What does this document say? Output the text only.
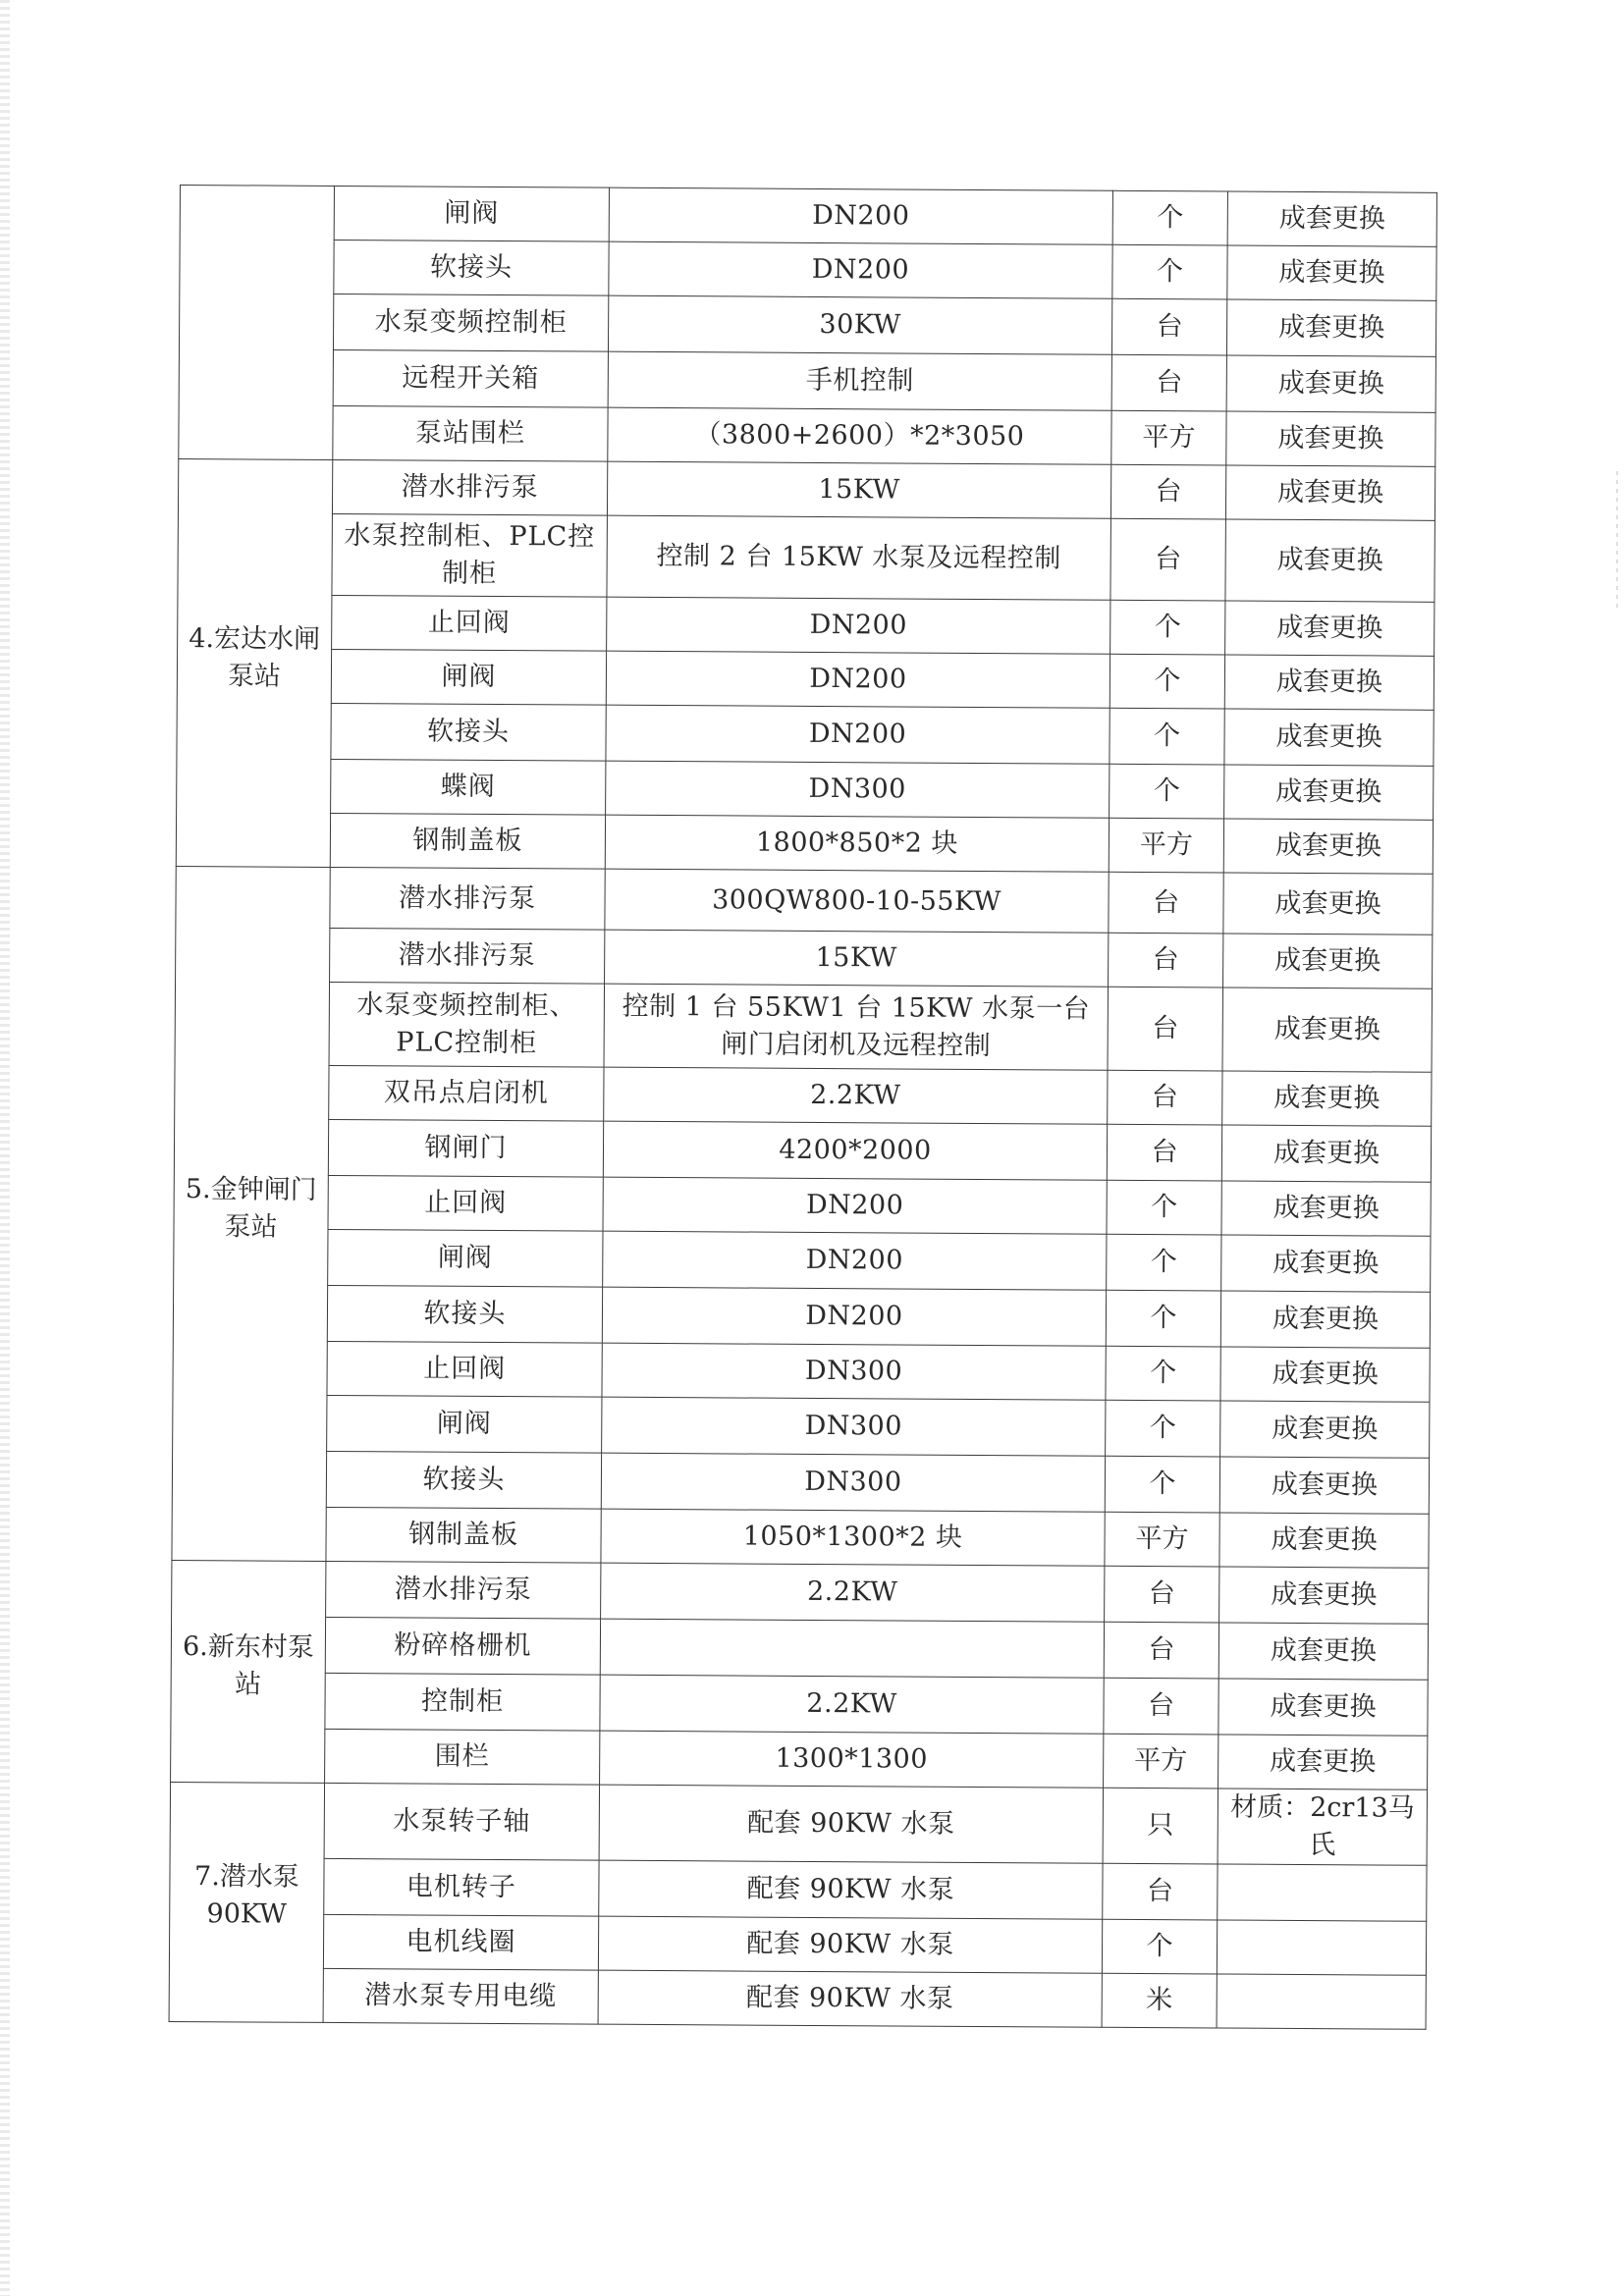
	闸阀	DN200	个	成套更换
	软接头	DN200	个	成套更换
	水泵变频控制柜	30KW	台	成套更换
	远程开关箱	手机控制	台	成套更换
	泵站围栏	（3800+2600）*2*3050	平方	成套更换

4.宏达水闸泵站	潜水排污泵	15KW	台	成套更换
	水泵控制柜、PLC控制柜	控制 2 台 15KW 水泵及远程控制	台	成套更换
	止回阀	DN200	个	成套更换
	闸阀	DN200	个	成套更换
	软接头	DN200	个	成套更换
	蝶阀	DN300	个	成套更换
	钢制盖板	1800*850*2 块	平方	成套更换

5.金钟闸门泵站	潜水排污泵	300QW800-10-55KW	台	成套更换
	潜水排污泵	15KW	台	成套更换
	水泵变频控制柜、PLC控制柜	控制 1 台 55KW1 台 15KW 水泵一台闸门启闭机及远程控制	台	成套更换
	双吊点启闭机	2.2KW	台	成套更换
	钢闸门	4200*2000	台	成套更换
	止回阀	DN200	个	成套更换
	闸阀	DN200	个	成套更换
	软接头	DN200	个	成套更换
	止回阀	DN300	个	成套更换
	闸阀	DN300	个	成套更换
	软接头	DN300	个	成套更换
	钢制盖板	1050*1300*2 块	平方	成套更换

6.新东村泵站	潜水排污泵	2.2KW	台	成套更换
	粉碎格栅机		台	成套更换
	控制柜	2.2KW	台	成套更换
	围栏	1300*1300	平方	成套更换

7.潜水泵90KW	水泵转子轴	配套 90KW 水泵	只	材质：2cr13马氏
	电机转子	配套 90KW 水泵	台	
	电机线圈	配套 90KW 水泵	个	
	潜水泵专用电缆	配套 90KW 水泵	米	
